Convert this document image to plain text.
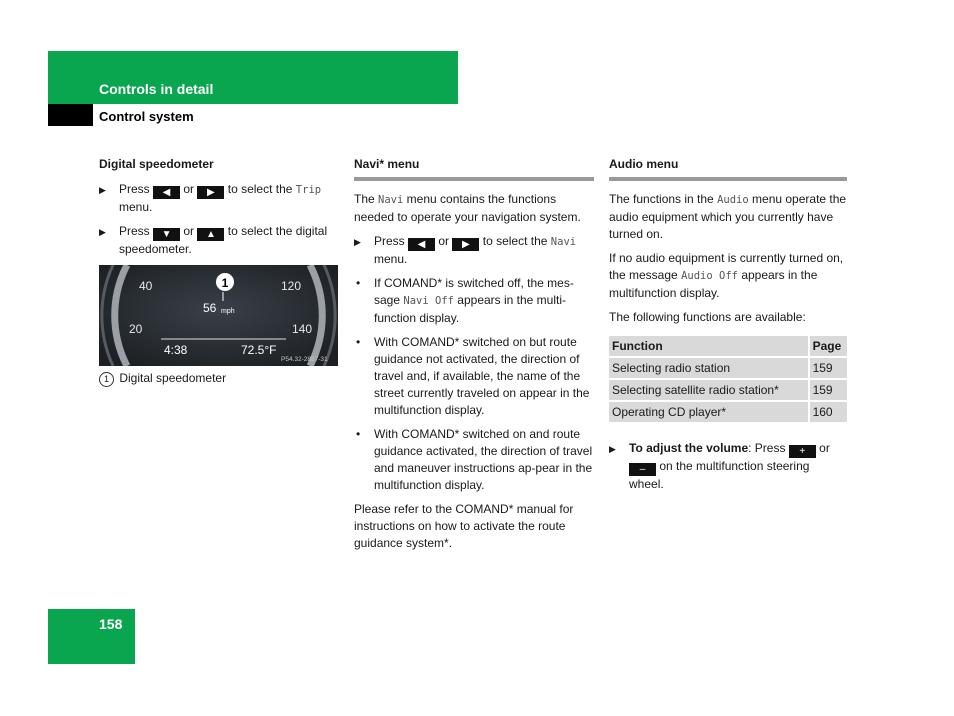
Controls in detail
Control system
Digital speedometer
▶ Press ◀ or ▶ to select the Trip menu.
▶ Press ▼ or ▲ to select the digital speedometer.
40
20
120
140
1
56 mph
4:38	72.5°F
P54.32-2887-31
1 Digital speedometer
Navi* menu

The Navi menu contains the functions needed to operate your navigation system.

▶ Press ◀ or ▶ to select the Navi menu.
• If COMAND* is switched off, the mes-sage Navi Off appears in the multi-function display.
• With COMAND* switched on but route guidance not activated, the direction of travel and, if available, the name of the street currently traveled on appear in the multifunction display.
• With COMAND* switched on and route guidance activated, the direction of travel and maneuver instructions ap-pear in the multifunction display.

Please refer to the COMAND* manual for instructions on how to activate the route guidance system*.

Audio menu

The functions in the Audio menu operate the audio equipment which you currently have turned on.

If no audio equipment is currently turned on, the message Audio Off appears in the multifunction display.

The following functions are available:

Function	Page
Selecting radio station	159
Selecting satellite radio station*	159
Operating CD player*	160
▶ To adjust the volume: Press + or – on the multifunction steering wheel.
158
